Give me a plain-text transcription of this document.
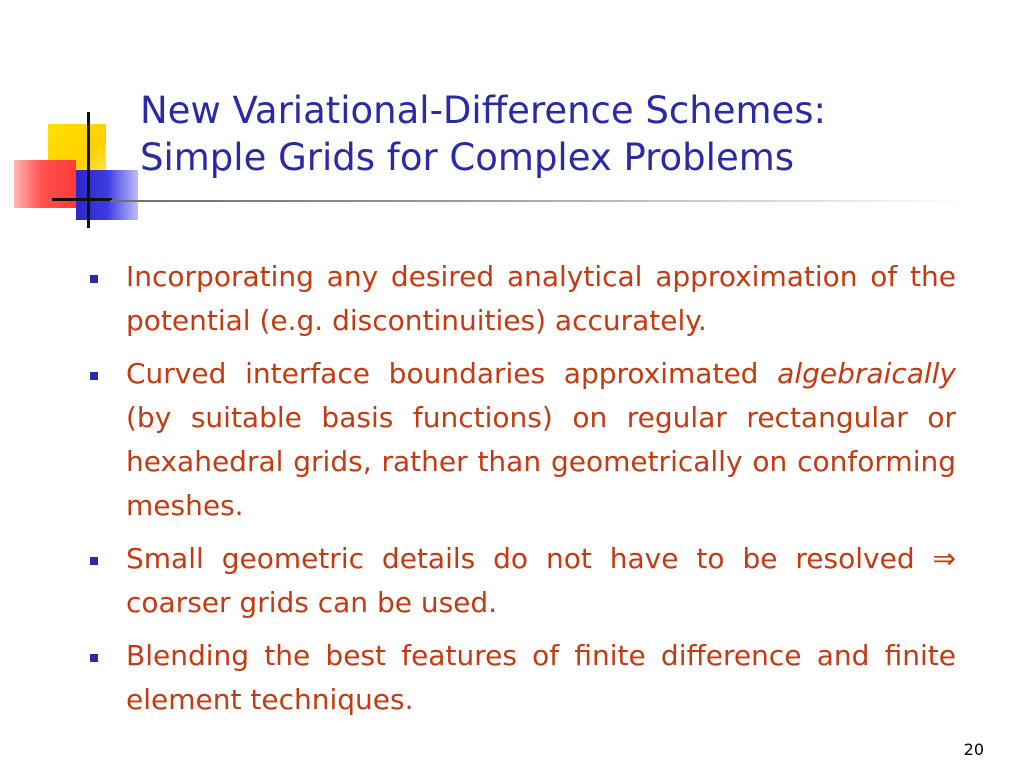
New Variational-Difference Schemes:
Simple Grids for Complex Problems
Incorporating any desired analytical approximation of the potential (e.g. discontinuities) accurately.
Curved interface boundaries approximated algebraically (by suitable basis functions) on regular rectangular or hexahedral grids, rather than geometrically on conforming meshes.
Small geometric details do not have to be resolved ⇒ coarser grids can be used.
Blending the best features of finite difference and finite element techniques.
20
